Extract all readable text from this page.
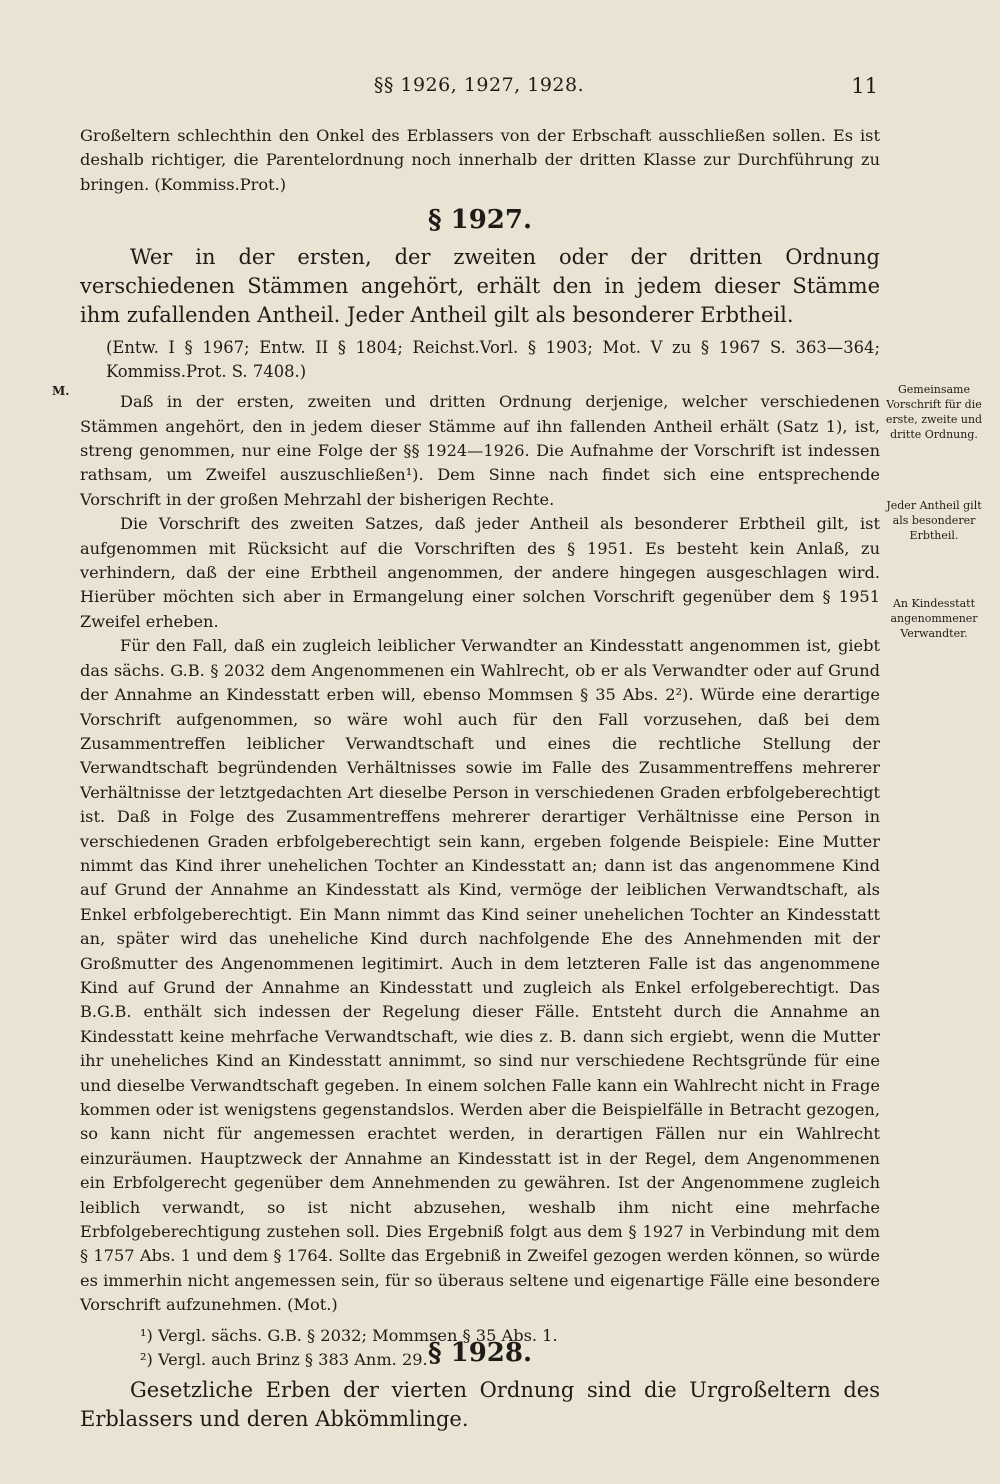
§§ 1926, 1927, 1928.	11
M.	Gemeinsame Vorschrift für die erste, zweite und dritte Ordnung.
Jeder Antheil gilt als besonderer Erbtheil.
An Kindesstatt angenommener Verwandter.

Großeltern schlechthin den Onkel des Erblassers von der Erbschaft ausschließen sollen. Es ist deshalb richtiger, die Parentelordnung noch innerhalb der dritten Klasse zur Durchführung zu bringen. (Kommiss.Prot.)

§ 1927.
Wer in der ersten, der zweiten oder der dritten Ordnung verschiedenen Stämmen angehört, erhält den in jedem dieser Stämme ihm zufallenden Antheil. Jeder Antheil gilt als besonderer Erbtheil.
(Entw. I § 1967; Entw. II § 1804; Reichst.Vorl. § 1903; Mot. V zu § 1967 S. 363—364; Kommiss.Prot. S. 7408.)

Daß in der ersten, zweiten und dritten Ordnung derjenige, welcher verschiedenen Stämmen angehört, den in jedem dieser Stämme auf ihn fallenden Antheil erhält (Satz 1), ist, streng genommen, nur eine Folge der §§ 1924—1926. Die Aufnahme der Vorschrift ist indessen rathsam, um Zweifel auszuschließen¹). Dem Sinne nach findet sich eine entsprechende Vorschrift in der großen Mehrzahl der bisherigen Rechte.

Die Vorschrift des zweiten Satzes, daß jeder Antheil als besonderer Erbtheil gilt, ist aufgenommen mit Rücksicht auf die Vorschriften des § 1951. Es besteht kein Anlaß, zu verhindern, daß der eine Erbtheil angenommen, der andere hingegen ausgeschlagen wird. Hierüber möchten sich aber in Ermangelung einer solchen Vorschrift gegenüber dem § 1951 Zweifel erheben.

Für den Fall, daß ein zugleich leiblicher Verwandter an Kindesstatt angenommen ist, giebt das sächs. G.B. § 2032 dem Angenommenen ein Wahlrecht, ob er als Verwandter oder auf Grund der Annahme an Kindesstatt erben will, ebenso Mommsen § 35 Abs. 2²). Würde eine derartige Vorschrift aufgenommen, so wäre wohl auch für den Fall vorzusehen, daß bei dem Zusammentreffen leiblicher Verwandtschaft und eines die rechtliche Stellung der Verwandtschaft begründenden Verhältnisses sowie im Falle des Zusammentreffens mehrerer Verhältnisse der letztgedachten Art dieselbe Person in verschiedenen Graden erbfolgeberechtigt ist. Daß in Folge des Zusammentreffens mehrerer derartiger Verhältnisse eine Person in verschiedenen Graden erbfolgeberechtigt sein kann, ergeben folgende Beispiele: Eine Mutter nimmt das Kind ihrer unehelichen Tochter an Kindesstatt an; dann ist das angenommene Kind auf Grund der Annahme an Kindesstatt als Kind, vermöge der leiblichen Verwandtschaft, als Enkel erbfolgeberechtigt. Ein Mann nimmt das Kind seiner unehelichen Tochter an Kindesstatt an, später wird das uneheliche Kind durch nachfolgende Ehe des Annehmenden mit der Großmutter des Angenommenen legitimirt. Auch in dem letzteren Falle ist das angenommene Kind auf Grund der Annahme an Kindesstatt und zugleich als Enkel erfolgeberechtigt. Das B.G.B. enthält sich indessen der Regelung dieser Fälle. Entsteht durch die Annahme an Kindesstatt keine mehrfache Verwandtschaft, wie dies z. B. dann sich ergiebt, wenn die Mutter ihr uneheliches Kind an Kindesstatt annimmt, so sind nur verschiedene Rechtsgründe für eine und dieselbe Verwandtschaft gegeben. In einem solchen Falle kann ein Wahlrecht nicht in Frage kommen oder ist wenigstens gegenstandslos. Werden aber die Beispielfälle in Betracht gezogen, so kann nicht für angemessen erachtet werden, in derartigen Fällen nur ein Wahlrecht einzuräumen. Hauptzweck der Annahme an Kindesstatt ist in der Regel, dem Angenommenen ein Erbfolgerecht gegenüber dem Annehmenden zu gewähren. Ist der Angenommene zugleich leiblich verwandt, so ist nicht abzusehen, weshalb ihm nicht eine mehrfache Erbfolgeberechtigung zustehen soll. Dies Ergebniß folgt aus dem § 1927 in Verbindung mit dem § 1757 Abs. 1 und dem § 1764. Sollte das Ergebniß in Zweifel gezogen werden können, so würde es immerhin nicht angemessen sein, für so überaus seltene und eigenartige Fälle eine besondere Vorschrift aufzunehmen. (Mot.)

§ 1928.
Gesetzliche Erben der vierten Ordnung sind die Urgroßeltern des Erblassers und deren Abkömmlinge.

¹) Vergl. sächs. G.B. § 2032; Mommsen § 35 Abs. 1.

²) Vergl. auch Brinz § 383 Anm. 29.
